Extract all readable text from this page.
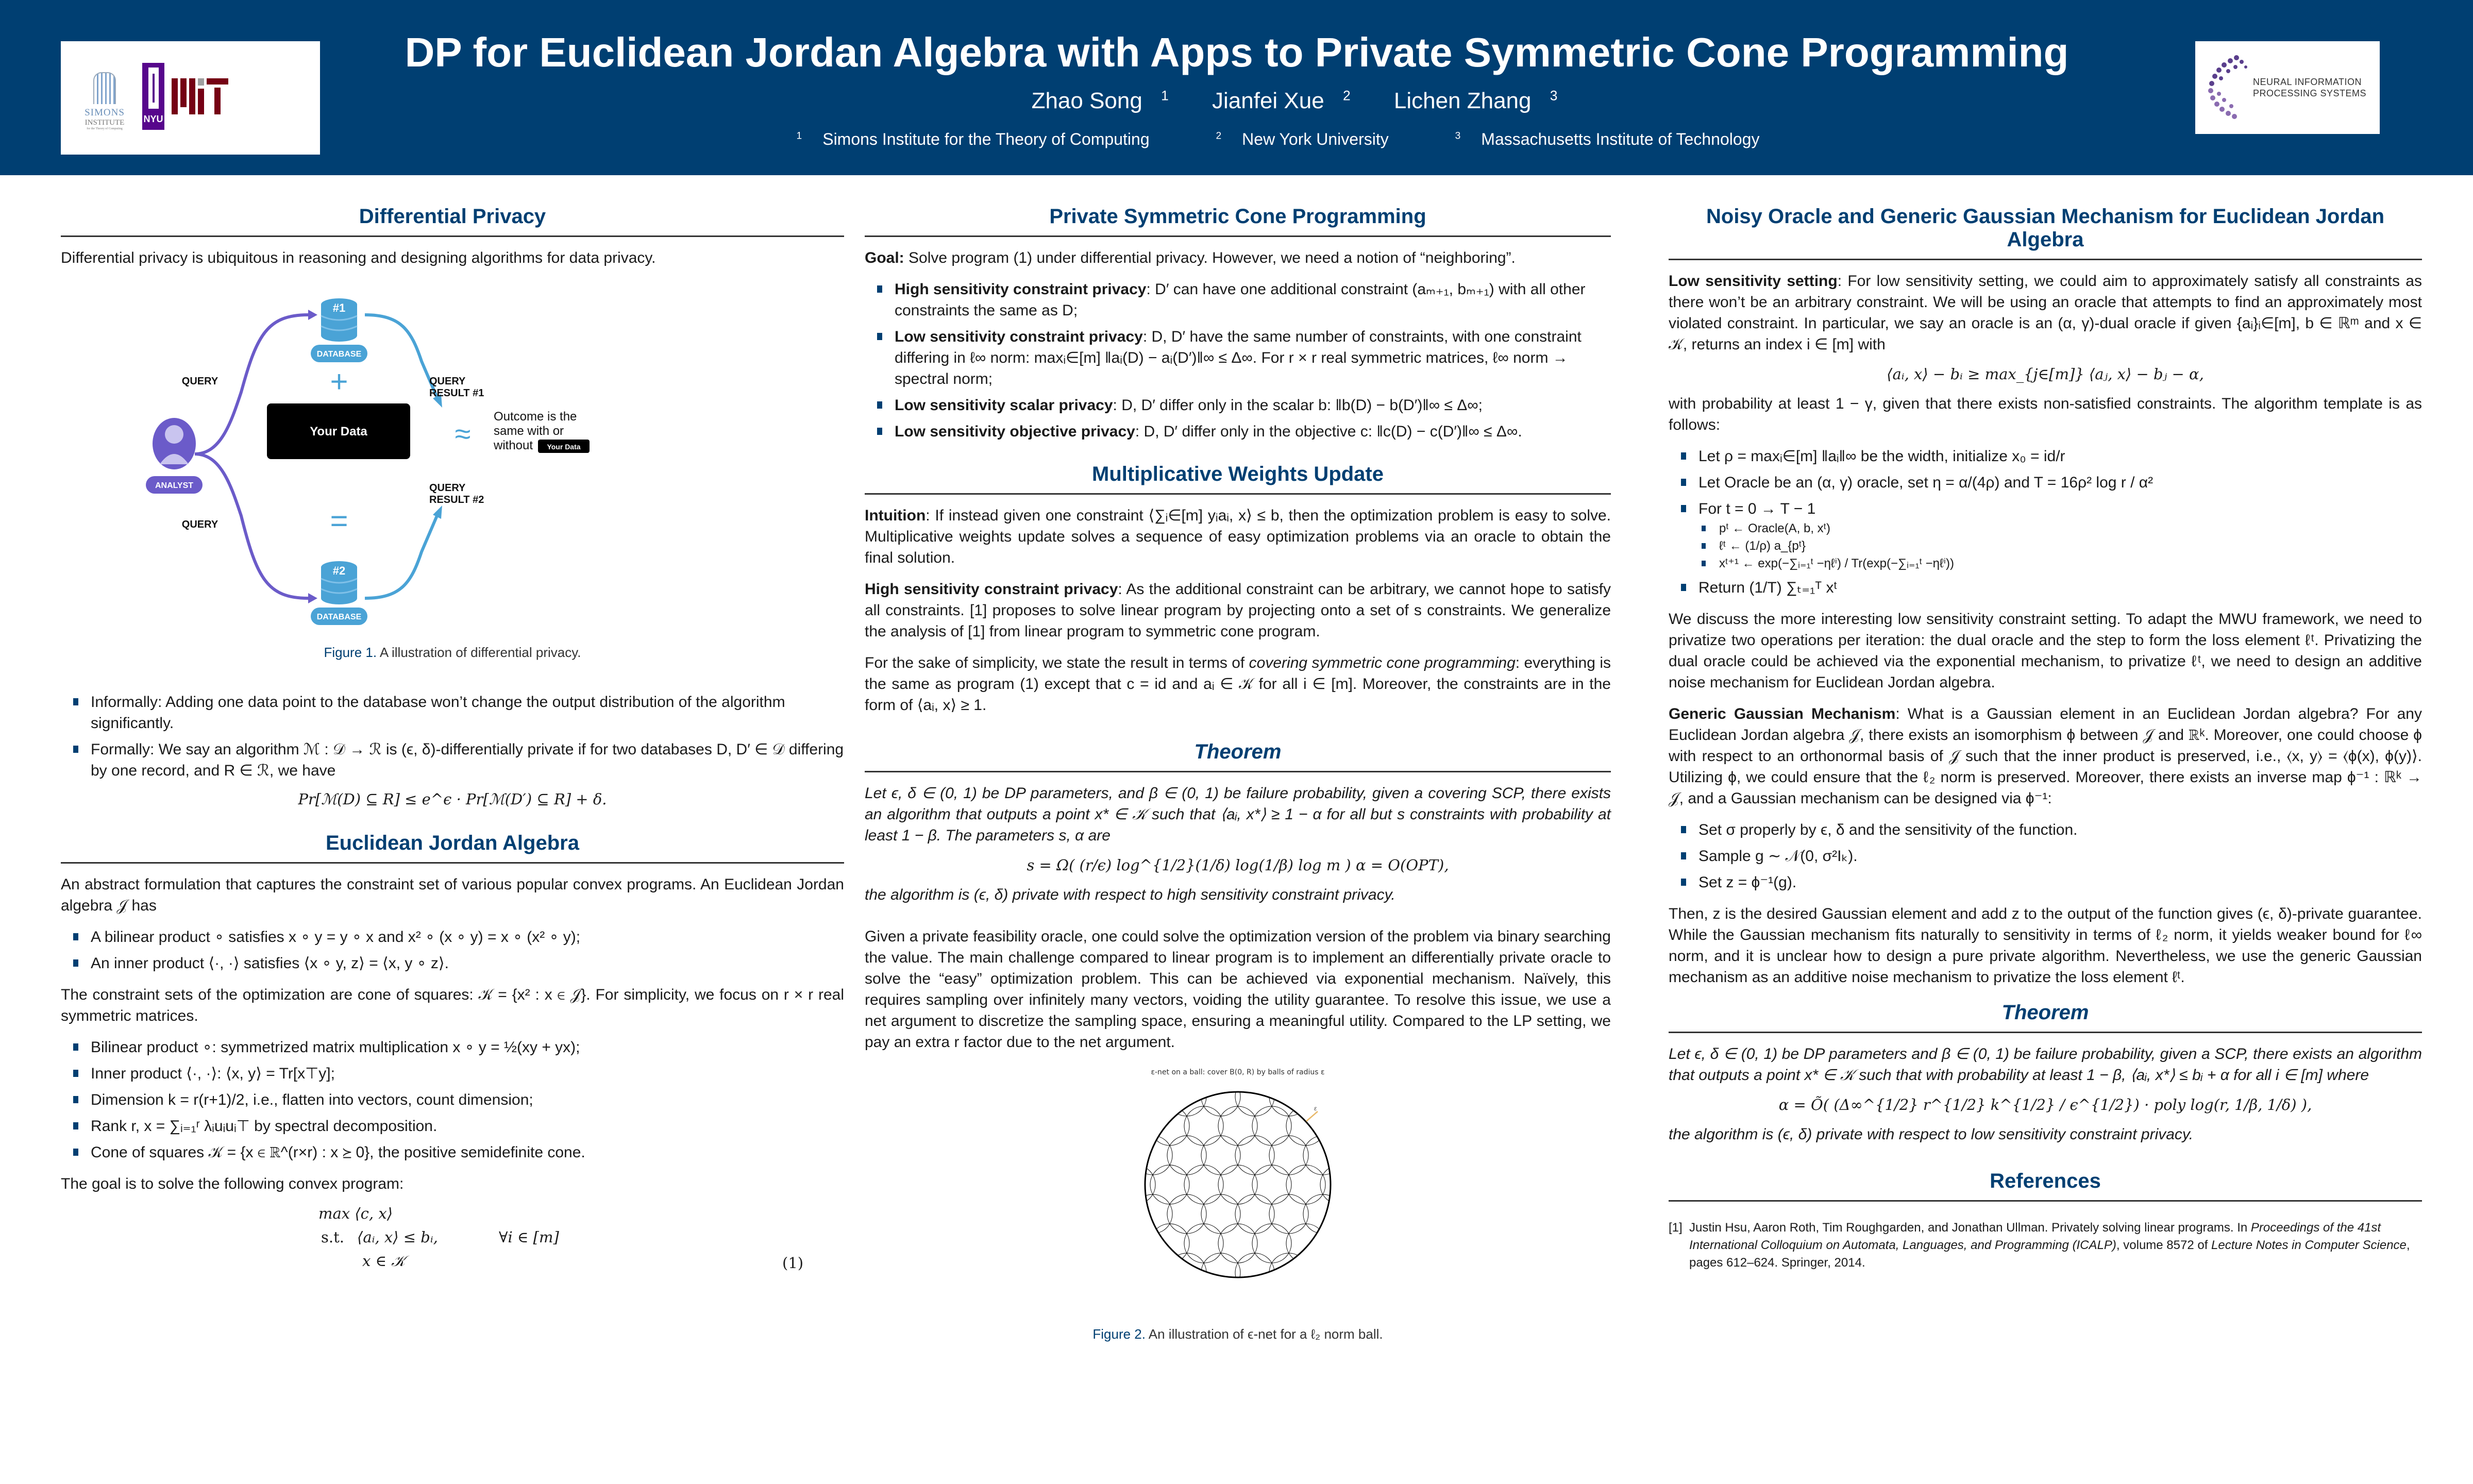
SIMONS
INSTITUTE
for the Theory of Computing
NYU
DP for Euclidean Jordan Algebra with Apps to Private Symmetric Cone Programming
Zhao Song $^1$ Jianfei Xue $^2$ Lichen Zhang $^3$
$^1$ Simons Institute for the Theory of Computing	$^2$ New York University	$^3$ Massachusetts Institute of Technology
NEURAL INFORMATION
PROCESSING SYSTEMS
Differential Privacy

Differential privacy is ubiquitous in reasoning and designing algorithms for data privacy.

#1
#2
DATABASE
DATABASE
QUERY
QUERY
+
=
Your Data
QUERY
RESULT #1
QUERY
RESULT #2
≈
Outcome is the
same with or
without Your Data
ANALYST
Figure 1. A illustration of differential privacy.
Informally: Adding one data point to the database won’t change the output distribution of the algorithm significantly.
Formally: We say an algorithm ℳ : 𝒟 → ℛ is (ϵ, δ)-differentially private if for two databases D, D′ ∈ 𝒟 differing by one record, and R ∈ ℛ, we have
Pr[ℳ(D) ⊆ R] ≤ e^ϵ · Pr[ℳ(D′) ⊆ R] + δ.
Euclidean Jordan Algebra

An abstract formulation that captures the constraint set of various popular convex programs. An Euclidean Jordan algebra 𝒥 has

A bilinear product ∘ satisfies x ∘ y = y ∘ x and x² ∘ (x ∘ y) = x ∘ (x² ∘ y);
An inner product ⟨·, ·⟩ satisfies ⟨x ∘ y, z⟩ = ⟨x, y ∘ z⟩.

The constraint sets of the optimization are cone of squares: 𝒦 = {x² : x ∈ 𝒥}. For simplicity, we focus on r × r real symmetric matrices.

Bilinear product ∘: symmetrized matrix multiplication x ∘ y = ½(xy + yx);
Inner product ⟨·, ·⟩: ⟨x, y⟩ = Tr[x⊤y];
Dimension k = r(r+1)/2, i.e., flatten into vectors, count dimension;
Rank r, x = ∑ᵢ₌₁ʳ λᵢuᵢuᵢ⊤ by spectral decomposition.
Cone of squares 𝒦 = {x ∈ ℝ^(r×r) : x ⪰ 0}, the positive semidefinite cone.

The goal is to solve the following convex program:

max ⟨c, x⟩
s.t. ⟨aᵢ, x⟩ ≤ bᵢ,	∀i ∈ [m]
x ∈ 𝒦	(1)
Private Symmetric Cone Programming

Goal: Solve program (1) under differential privacy. However, we need a notion of “neighboring”.

High sensitivity constraint privacy: D′ can have one additional constraint (aₘ₊₁, bₘ₊₁) with all other constraints the same as D;
Low sensitivity constraint privacy: D, D′ have the same number of constraints, with one constraint differing in ℓ∞ norm: maxᵢ∈[m] ‖aᵢ(D) − aᵢ(D′)‖∞ ≤ Δ∞. For r × r real symmetric matrices, ℓ∞ norm → spectral norm;
Low sensitivity scalar privacy: D, D′ differ only in the scalar b: ‖b(D) − b(D′)‖∞ ≤ Δ∞;
Low sensitivity objective privacy: D, D′ differ only in the objective c: ‖c(D) − c(D′)‖∞ ≤ Δ∞.
Multiplicative Weights Update

Intuition: If instead given one constraint ⟨∑ᵢ∈[m] yᵢaᵢ, x⟩ ≤ b, then the optimization problem is easy to solve. Multiplicative weights update solves a sequence of easy optimization problems via an oracle to obtain the final solution.

High sensitivity constraint privacy: As the additional constraint can be arbitrary, we cannot hope to satisfy all constraints. [1] proposes to solve linear program by projecting onto a set of s constraints. We generalize the analysis of [1] from linear program to symmetric cone program.

For the sake of simplicity, we state the result in terms of covering symmetric cone programming: everything is the same as program (1) except that c = id and aᵢ ∈ 𝒦 for all i ∈ [m]. Moreover, the constraints are in the form of ⟨aᵢ, x⟩ ≥ 1.

Theorem

Let ϵ, δ ∈ (0, 1) be DP parameters, and β ∈ (0, 1) be failure probability, given a covering SCP, there exists an algorithm that outputs a point x* ∈ 𝒦 such that ⟨aᵢ, x*⟩ ≥ 1 − α for all but s constraints with probability at least 1 − β. The parameters s, α are

s = Ω( (r/ϵ) log^{1/2}(1/δ) log(1/β) log m ) α = O(OPT),

the algorithm is (ϵ, δ) private with respect to high sensitivity constraint privacy.

Given a private feasibility oracle, one could solve the optimization version of the problem via binary searching the value. The main challenge compared to linear program is to implement an differentially private oracle to solve the “easy” optimization problem. This can be achieved via exponential mechanism. Naïvely, this requires sampling over infinitely many vectors, voiding the utility guarantee. To resolve this issue, we use a net argument to discretize the sampling space, ensuring a meaningful utility. Compared to the LP setting, we pay an extra r factor due to the net argument.

ε-net on a ball: cover B(0, R) by balls of radius ε
ε
Figure 2. An illustration of ϵ-net for a ℓ₂ norm ball.
Noisy Oracle and Generic Gaussian Mechanism for Euclidean Jordan Algebra

Low sensitivity setting: For low sensitivity setting, we could aim to approximately satisfy all constraints as there won’t be an arbitrary constraint. We will be using an oracle that attempts to find an approximately most violated constraint. In particular, we say an oracle is an (α, γ)-dual oracle if given {aᵢ}ᵢ∈[m], b ∈ ℝᵐ and x ∈ 𝒦, returns an index i ∈ [m] with

⟨aᵢ, x⟩ − bᵢ ≥ max_{j∈[m]} ⟨aⱼ, x⟩ − bⱼ − α,

with probability at least 1 − γ, given that there exists non-satisfied constraints. The algorithm template is as follows:

Let ρ = maxᵢ∈[m] ‖aᵢ‖∞ be the width, initialize x₀ = id/r
Let Oracle be an (α, γ) oracle, set η = α/(4ρ) and T = 16ρ² log r / α²
For t = 0 → T − 1
pᵗ ← Oracle(A, b, xᵗ)
ℓᵗ ← (1/ρ) a_{pᵗ}
xᵗ⁺¹ ← exp(−∑ᵢ₌₁ᵗ −ηℓⁱ) / Tr(exp(−∑ᵢ₌₁ᵗ −ηℓⁱ))
Return (1/T) ∑ₜ₌₁ᵀ xᵗ

We discuss the more interesting low sensitivity constraint setting. To adapt the MWU framework, we need to privatize two operations per iteration: the dual oracle and the step to form the loss element ℓᵗ. Privatizing the dual oracle could be achieved via the exponential mechanism, to privatize ℓᵗ, we need to design an additive noise mechanism for Euclidean Jordan algebra.

Generic Gaussian Mechanism: What is a Gaussian element in an Euclidean Jordan algebra? For any Euclidean Jordan algebra 𝒥, there exists an isomorphism ϕ between 𝒥 and ℝᵏ. Moreover, one could choose ϕ with respect to an orthonormal basis of 𝒥 such that the inner product is preserved, i.e., ⟨x, y⟩ = ⟨ϕ(x), ϕ(y)⟩. Utilizing ϕ, we could ensure that the ℓ₂ norm is preserved. Moreover, there exists an inverse map ϕ⁻¹ : ℝᵏ → 𝒥, and a Gaussian mechanism can be designed via ϕ⁻¹:

Set σ properly by ϵ, δ and the sensitivity of the function.
Sample g ∼ 𝒩(0, σ²Iₖ).
Set z = ϕ⁻¹(g).

Then, z is the desired Gaussian element and add z to the output of the function gives (ϵ, δ)-private guarantee. While the Gaussian mechanism fits naturally to sensitivity in terms of ℓ₂ norm, it yields weaker bound for ℓ∞ norm, and it is unclear how to design a pure private algorithm. Nevertheless, we use the generic Gaussian mechanism as an additive noise mechanism to privatize the loss element ℓᵗ.

Theorem

Let ϵ, δ ∈ (0, 1) be DP parameters and β ∈ (0, 1) be failure probability, given a SCP, there exists an algorithm that outputs a point x* ∈ 𝒦 such that with probability at least 1 − β, ⟨aᵢ, x*⟩ ≤ bᵢ + α for all i ∈ [m] where

α = Õ( (Δ∞^{1/2} r^{1/2} k^{1/2} / ϵ^{1/2}) · poly log(r, 1/β, 1/δ) ),

the algorithm is (ϵ, δ) private with respect to low sensitivity constraint privacy.

References
[1] Justin Hsu, Aaron Roth, Tim Roughgarden, and Jonathan Ullman. Privately solving linear programs. In Proceedings of the 41st International Colloquium on Automata, Languages, and Programming (ICALP), volume 8572 of Lecture Notes in Computer Science, pages 612–624. Springer, 2014.
